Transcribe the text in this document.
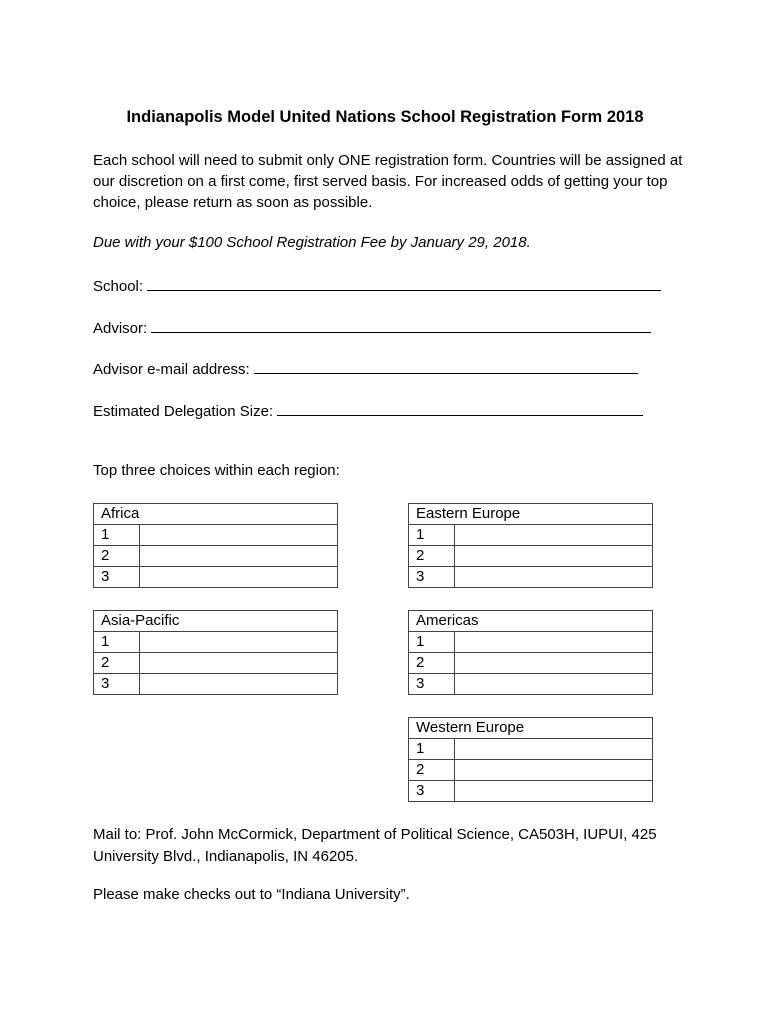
Indianapolis Model United Nations School Registration Form 2018
Each school will need to submit only ONE registration form. Countries will be assigned at our discretion on a first come, first served basis. For increased odds of getting your top choice, please return as soon as possible.
Due with your $100 School Registration Fee by January 29, 2018.
School:
Advisor:
Advisor e-mail address:
Estimated Delegation Size:
Top three choices within each region:
Africa	
1	
2	
3	
Eastern Europe	
1	
2	
3	
Asia-Pacific	
1	
2	
3	
Americas	
1	
2	
3	
Western Europe	
1	
2	
3	
Mail to: Prof. John McCormick, Department of Political Science, CA503H, IUPUI, 425 University Blvd., Indianapolis, IN 46205.
Please make checks out to “Indiana University”.
